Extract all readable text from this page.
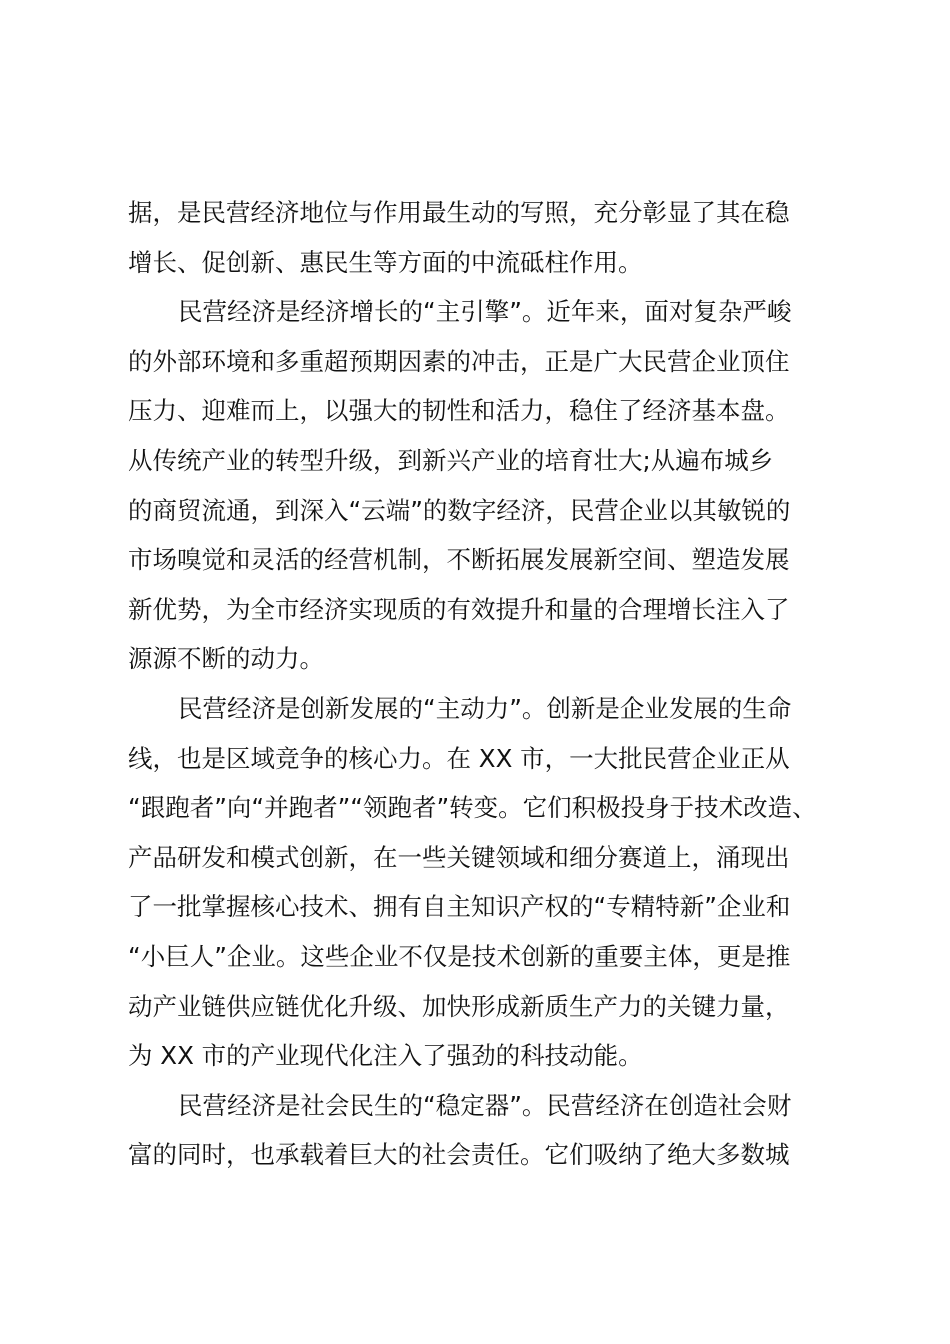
据，是民营经济地位与作用最生动的写照，充分彰显了其在稳
增长、促创新、惠民生等方面的中流砥柱作用。
民营经济是经济增长的“主引擎”。近年来，面对复杂严峻
的外部环境和多重超预期因素的冲击，正是广大民营企业顶住
压力、迎难而上，以强大的韧性和活力，稳住了经济基本盘。
从传统产业的转型升级，到新兴产业的培育壮大;从遍布城乡
的商贸流通，到深入“云端”的数字经济，民营企业以其敏锐的
市场嗅觉和灵活的经营机制，不断拓展发展新空间、塑造发展
新优势，为全市经济实现质的有效提升和量的合理增长注入了
源源不断的动力。
民营经济是创新发展的“主动力”。创新是企业发展的生命
线，也是区域竞争的核心力。在 XX 市，一大批民营企业正从
“跟跑者”向“并跑者”“领跑者”转变。它们积极投身于技术改造、
产品研发和模式创新，在一些关键领域和细分赛道上，涌现出
了一批掌握核心技术、拥有自主知识产权的“专精特新”企业和
“小巨人”企业。这些企业不仅是技术创新的重要主体，更是推
动产业链供应链优化升级、加快形成新质生产力的关键力量，
为 XX 市的产业现代化注入了强劲的科技动能。
民营经济是社会民生的“稳定器”。民营经济在创造社会财
富的同时，也承载着巨大的社会责任。它们吸纳了绝大多数城
